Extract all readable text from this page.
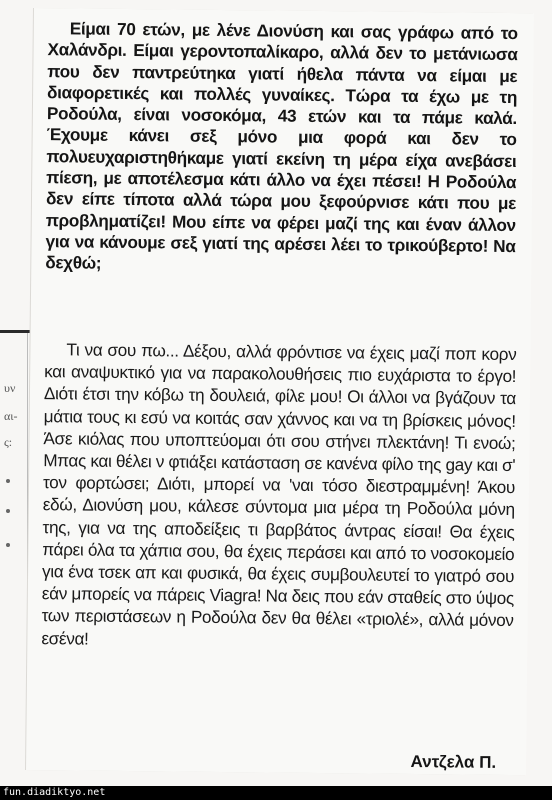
υν
αι-
ς:

Είμαι 70 ετών, με λένε Διονύση και σας γράφω από το Χαλάνδρι. Είμαι γεροντοπαλίκαρο, αλλά δεν το μετάνιωσα που δεν παντρεύτηκα γιατί ήθελα πάντα να είμαι με διαφορετικές και πολλές γυναίκες. Τώρα τα έχω με τη Ροδούλα, είναι νοσοκόμα, 43 ετών και τα πάμε καλά. Έχουμε κάνει σεξ μόνο μια φορά και δεν το πολυευχαριστηθήκαμε γιατί εκείνη τη μέρα είχα ανεβάσει πίεση, με αποτέλεσμα κάτι άλλο να έχει πέσει! Η Ροδούλα δεν είπε τίποτα αλλά τώρα μου ξεφούρνισε κάτι που με προβληματίζει! Μου είπε να φέρει μαζί της και έναν άλλον για να κάνουμε σεξ γιατί της αρέσει λέει το τρικούβερτο! Να δεχθώ;

Τι να σου πω... Δέξου, αλλά φρόντισε να έχεις μαζί ποπ κορν και αναψυκτικό για να παρακολουθήσεις πιο ευχάριστα το έργο! Διότι έτσι την κόβω τη δουλειά, φίλε μου! Οι άλλοι να βγάζουν τα μάτια τους κι εσύ να κοιτάς σαν χάννος και να τη βρίσκεις μόνος! Άσε κιόλας που υποπτεύομαι ότι σου στήνει πλεκτάνη! Τι ενοώ; Μπας και θέλει ν φτιάξει κατάσταση σε κανένα φίλο της gay και σ' τον φορτώσει; Διότι, μπορεί να 'ναι τόσο διεστραμμένη! Άκου εδώ, Διονύση μου, κάλεσε σύντομα μια μέρα τη Ροδούλα μόνη της, για να της αποδείξεις τι βαρβάτος άντρας είσαι! Θα έχεις πάρει όλα τα χάπια σου, θα έχεις περάσει και από το νοσοκομείο για ένα τσεκ απ και φυσικά, θα έχεις συμβουλευτεί το γιατρό σου εάν μπορείς να πάρεις Viagra! Να δεις που εάν σταθείς στο ύψος των περιστάσεων η Ροδούλα δεν θα θέλει «τριολέ», αλλά μόνον εσένα!

Αντζελα Π.
fun.diadiktyo.net
